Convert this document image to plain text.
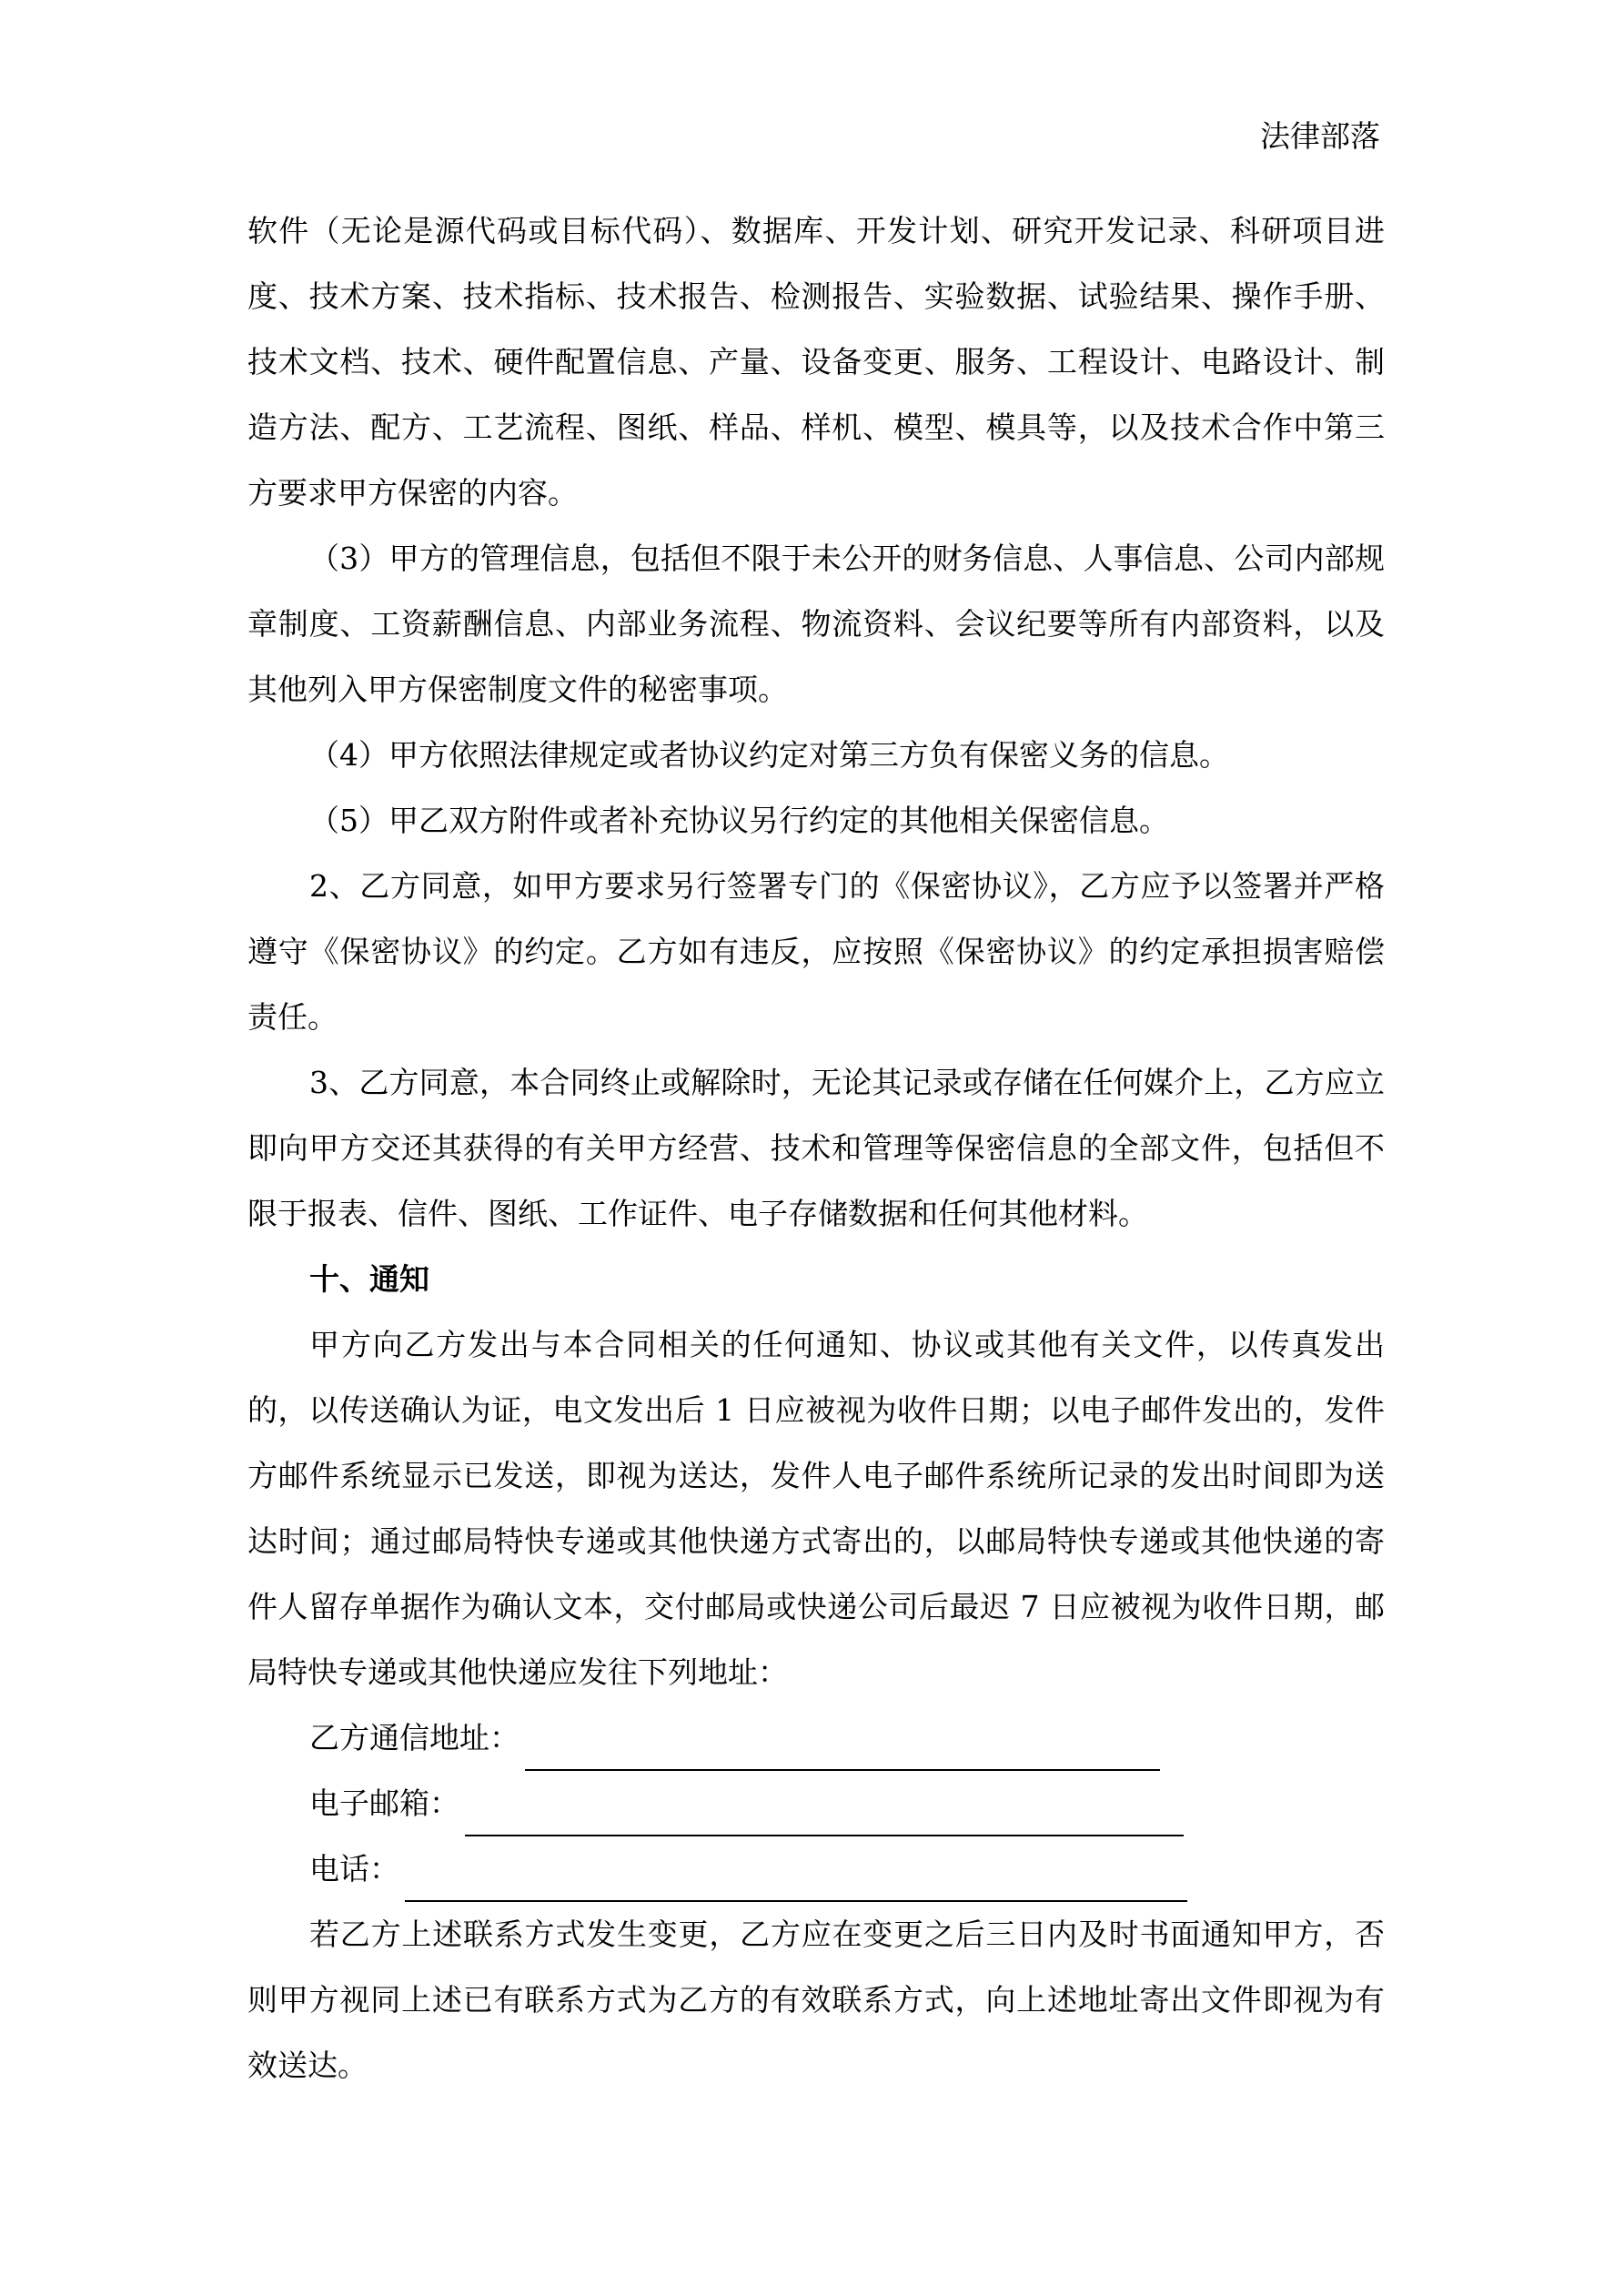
法律部落

软件（无论是源代码或目标代码）、数据库、开发计划、研究开发记录、科研项目进度、技术方案、技术指标、技术报告、检测报告、实验数据、试验结果、操作手册、技术文档、技术、硬件配置信息、产量、设备变更、服务、工程设计、电路设计、制造方法、配方、工艺流程、图纸、样品、样机、模型、模具等，以及技术合作中第三方要求甲方保密的内容。

（3）甲方的管理信息，包括但不限于未公开的财务信息、人事信息、公司内部规章制度、工资薪酬信息、内部业务流程、物流资料、会议纪要等所有内部资料，以及其他列入甲方保密制度文件的秘密事项。

（4）甲方依照法律规定或者协议约定对第三方负有保密义务的信息。

（5）甲乙双方附件或者补充协议另行约定的其他相关保密信息。

2、乙方同意，如甲方要求另行签署专门的《保密协议》，乙方应予以签署并严格遵守《保密协议》的约定。乙方如有违反，应按照《保密协议》的约定承担损害赔偿责任。

3、乙方同意，本合同终止或解除时，无论其记录或存储在任何媒介上，乙方应立即向甲方交还其获得的有关甲方经营、技术和管理等保密信息的全部文件，包括但不限于报表、信件、图纸、工作证件、电子存储数据和任何其他材料。

十、通知

甲方向乙方发出与本合同相关的任何通知、协议或其他有关文件，以传真发出的，以传送确认为证，电文发出后 1 日应被视为收件日期；以电子邮件发出的，发件方邮件系统显示已发送，即视为送达，发件人电子邮件系统所记录的发出时间即为送达时间；通过邮局特快专递或其他快递方式寄出的，以邮局特快专递或其他快递的寄件人留存单据作为确认文本，交付邮局或快递公司后最迟 7 日应被视为收件日期，邮局特快专递或其他快递应发往下列地址：

乙方通信地址：
电子邮箱：
电话：

若乙方上述联系方式发生变更，乙方应在变更之后三日内及时书面通知甲方，否则甲方视同上述已有联系方式为乙方的有效联系方式，向上述地址寄出文件即视为有效送达。
